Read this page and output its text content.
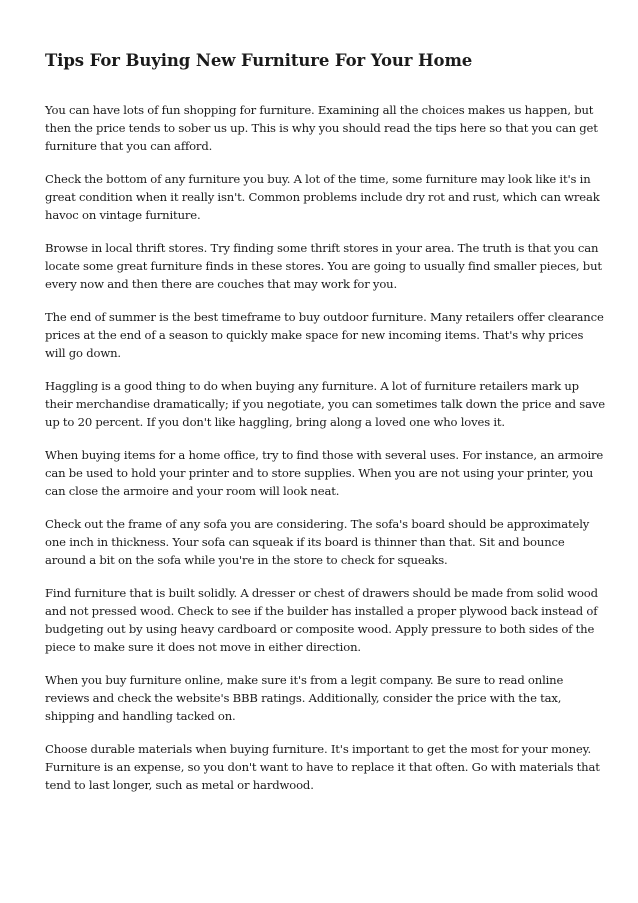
Tips For Buying New Furniture For Your Home

You can have lots of fun shopping for furniture. Examining all the choices makes us happen, but then the price tends to sober us up. This is why you should read the tips here so that you can get furniture that you can afford.

Check the bottom of any furniture you buy. A lot of the time, some furniture may look like it's in great condition when it really isn't. Common problems include dry rot and rust, which can wreak havoc on vintage furniture.

Browse in local thrift stores. Try finding some thrift stores in your area. The truth is that you can locate some great furniture finds in these stores. You are going to usually find smaller pieces, but every now and then there are couches that may work for you.

The end of summer is the best timeframe to buy outdoor furniture. Many retailers offer clearance prices at the end of a season to quickly make space for new incoming items. That's why prices will go down.

Haggling is a good thing to do when buying any furniture. A lot of furniture retailers mark up their merchandise dramatically; if you negotiate, you can sometimes talk down the price and save up to 20 percent. If you don't like haggling, bring along a loved one who loves it.

When buying items for a home office, try to find those with several uses. For instance, an armoire can be used to hold your printer and to store supplies. When you are not using your printer, you can close the armoire and your room will look neat.

Check out the frame of any sofa you are considering. The sofa's board should be approximately one inch in thickness. Your sofa can squeak if its board is thinner than that. Sit and bounce around a bit on the sofa while you're in the store to check for squeaks.

Find furniture that is built solidly. A dresser or chest of drawers should be made from solid wood and not pressed wood. Check to see if the builder has installed a proper plywood back instead of budgeting out by using heavy cardboard or composite wood. Apply pressure to both sides of the piece to make sure it does not move in either direction.

When you buy furniture online, make sure it's from a legit company. Be sure to read online reviews and check the website's BBB ratings. Additionally, consider the price with the tax, shipping and handling tacked on.

Choose durable materials when buying furniture. It's important to get the most for your money. Furniture is an expense, so you don't want to have to replace it that often. Go with materials that tend to last longer, such as metal or hardwood.
